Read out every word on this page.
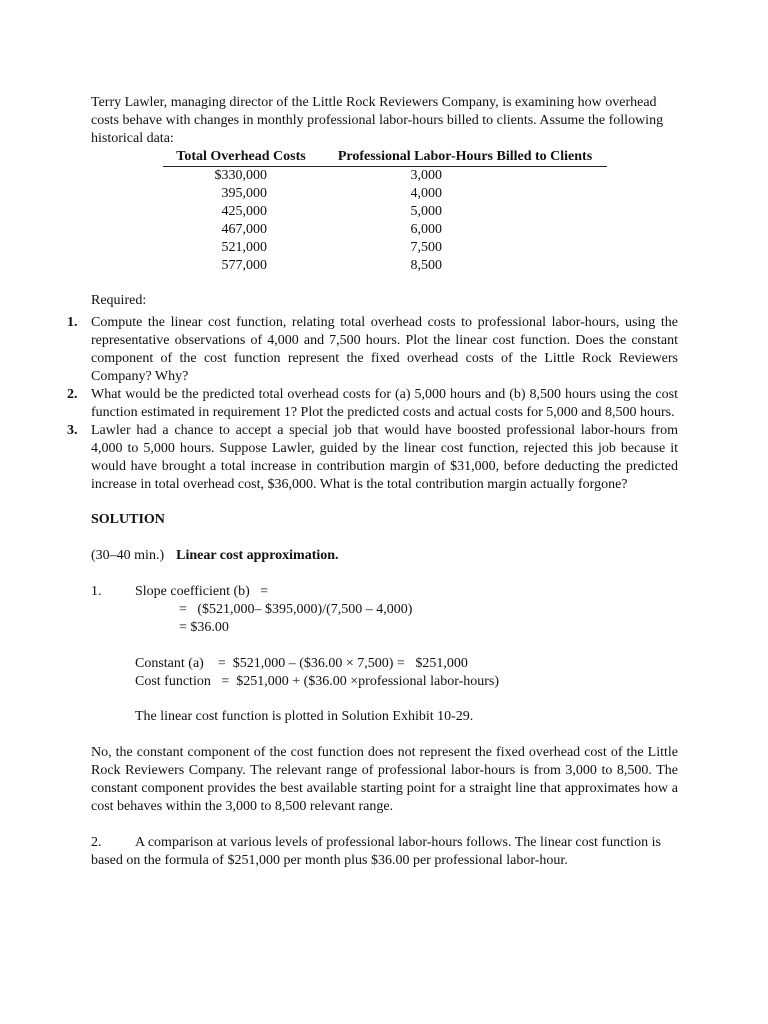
Terry Lawler, managing director of the Little Rock Reviewers Company, is examining how overhead costs behave with changes in monthly professional labor-hours billed to clients. Assume the following historical data:

Total Overhead Costs	Professional Labor-Hours Billed to Clients
$330,000	3,000
395,000	4,000
425,000	5,000
467,000	6,000
521,000	7,500
577,000	8,500

Required:

1. Compute the linear cost function, relating total overhead costs to professional labor-hours, using the representative observations of 4,000 and 7,500 hours. Plot the linear cost function. Does the constant component of the cost function represent the fixed overhead costs of the Little Rock Reviewers Company? Why?
2. What would be the predicted total overhead costs for (a) 5,000 hours and (b) 8,500 hours using the cost function estimated in requirement 1? Plot the predicted costs and actual costs for 5,000 and 8,500 hours.
3. Lawler had a chance to accept a special job that would have boosted professional labor-hours from 4,000 to 5,000 hours. Suppose Lawler, guided by the linear cost function, rejected this job because it would have brought a total increase in contribution margin of $31,000, before deducting the predicted increase in total overhead cost, $36,000. What is the total contribution margin actually forgone?

SOLUTION

(30–40 min.) Linear cost approximation.

1. Slope coefficient (b)   =
=   ($521,000– $395,000)/(7,500 – 4,000)
= $36.00
Constant (a)    =  $521,000 – ($36.00 × 7,500) =   $251,000
Cost function   =  $251,000 + ($36.00 ×professional labor-hours)

The linear cost function is plotted in Solution Exhibit 10-29.

No, the constant component of the cost function does not represent the fixed overhead cost of the Little Rock Reviewers Company. The relevant range of professional labor-hours is from 3,000 to 8,500. The constant component provides the best available starting point for a straight line that approximates how a cost behaves within the 3,000 to 8,500 relevant range.

2. A comparison at various levels of professional labor-hours follows. The linear cost function is based on the formula of $251,000 per month plus $36.00 per professional labor-hour.
